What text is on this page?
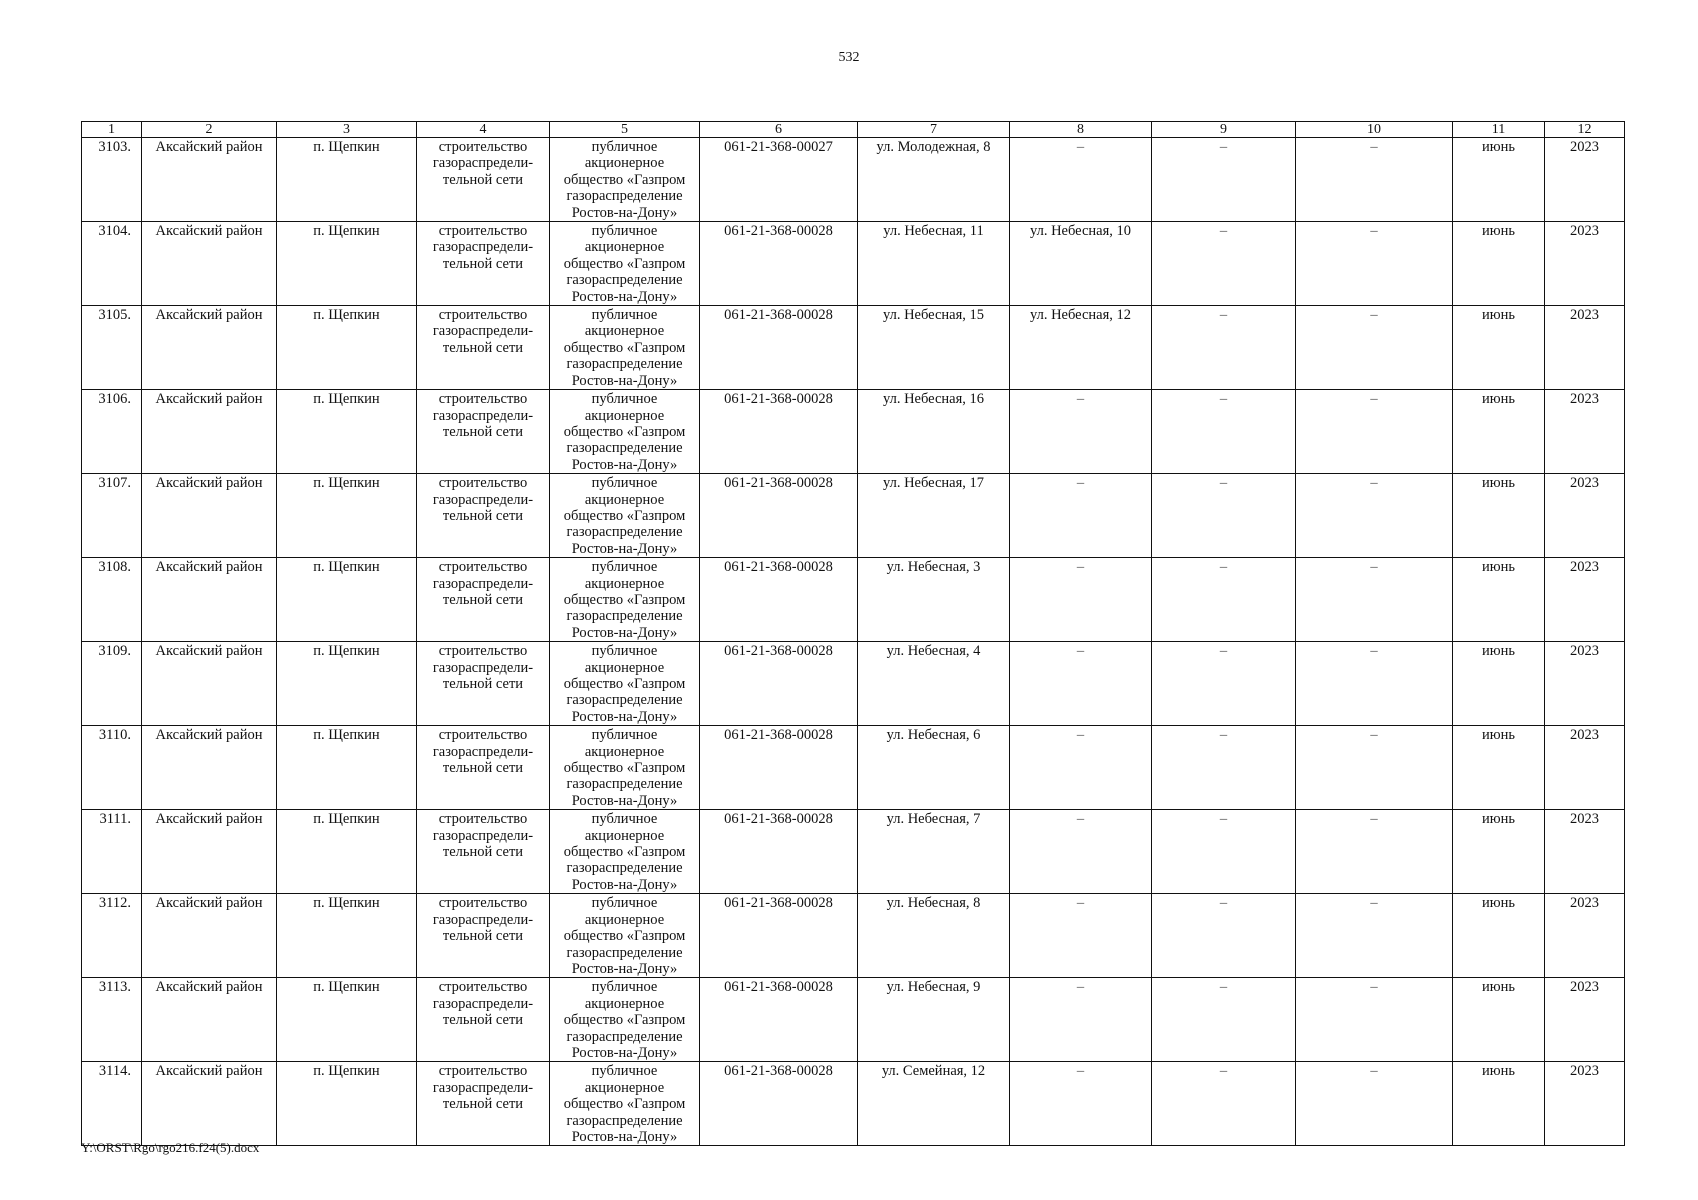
532
1	2	3	4	5	6	7	8	9	10	11	12
3103.	Аксайский район	п. Щепкин	строительство газораспредели-тельной сети	публичное акционерное общество «Газпром газораспределение Ростов-на-Дону»	061-21-368-00027	ул. Молодежная, 8	–	–	–	июнь	2023
3104.	Аксайский район	п. Щепкин	строительство газораспредели-тельной сети	публичное акционерное общество «Газпром газораспределение Ростов-на-Дону»	061-21-368-00028	ул. Небесная, 11	ул. Небесная, 10	–	–	июнь	2023
3105.	Аксайский район	п. Щепкин	строительство газораспредели-тельной сети	публичное акционерное общество «Газпром газораспределение Ростов-на-Дону»	061-21-368-00028	ул. Небесная, 15	ул. Небесная, 12	–	–	июнь	2023
3106.	Аксайский район	п. Щепкин	строительство газораспредели-тельной сети	публичное акционерное общество «Газпром газораспределение Ростов-на-Дону»	061-21-368-00028	ул. Небесная, 16	–	–	–	июнь	2023
3107.	Аксайский район	п. Щепкин	строительство газораспредели-тельной сети	публичное акционерное общество «Газпром газораспределение Ростов-на-Дону»	061-21-368-00028	ул. Небесная, 17	–	–	–	июнь	2023
3108.	Аксайский район	п. Щепкин	строительство газораспредели-тельной сети	публичное акционерное общество «Газпром газораспределение Ростов-на-Дону»	061-21-368-00028	ул. Небесная, 3	–	–	–	июнь	2023
3109.	Аксайский район	п. Щепкин	строительство газораспредели-тельной сети	публичное акционерное общество «Газпром газораспределение Ростов-на-Дону»	061-21-368-00028	ул. Небесная, 4	–	–	–	июнь	2023
3110.	Аксайский район	п. Щепкин	строительство газораспредели-тельной сети	публичное акционерное общество «Газпром газораспределение Ростов-на-Дону»	061-21-368-00028	ул. Небесная, 6	–	–	–	июнь	2023
3111.	Аксайский район	п. Щепкин	строительство газораспредели-тельной сети	публичное акционерное общество «Газпром газораспределение Ростов-на-Дону»	061-21-368-00028	ул. Небесная, 7	–	–	–	июнь	2023
3112.	Аксайский район	п. Щепкин	строительство газораспредели-тельной сети	публичное акционерное общество «Газпром газораспределение Ростов-на-Дону»	061-21-368-00028	ул. Небесная, 8	–	–	–	июнь	2023
3113.	Аксайский район	п. Щепкин	строительство газораспредели-тельной сети	публичное акционерное общество «Газпром газораспределение Ростов-на-Дону»	061-21-368-00028	ул. Небесная, 9	–	–	–	июнь	2023
3114.	Аксайский район	п. Щепкин	строительство газораспредели-тельной сети	публичное акционерное общество «Газпром газораспределение Ростов-на-Дону»	061-21-368-00028	ул. Семейная, 12	–	–	–	июнь	2023
Y:\ORST\Rgo\rgo216.f24(5).docx
